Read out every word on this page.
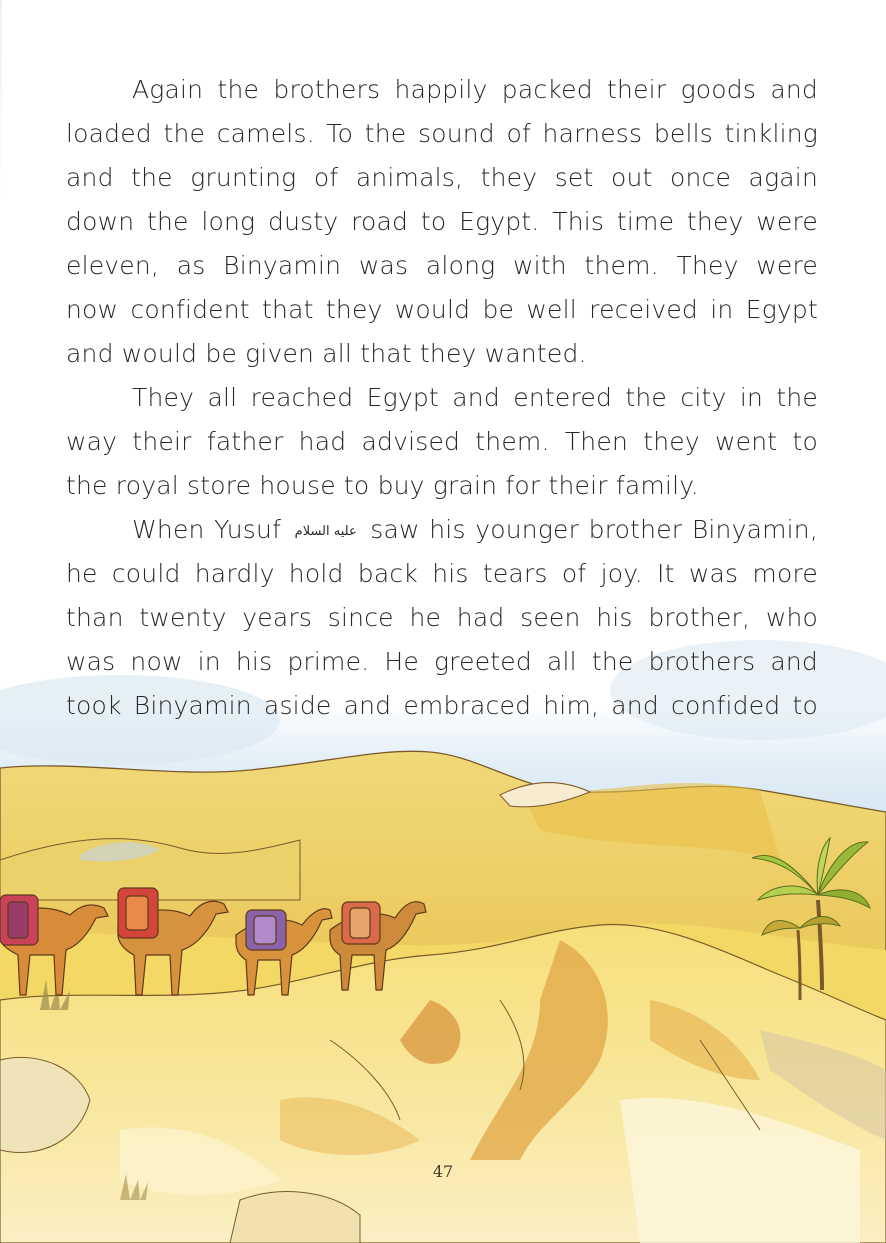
Again the brothers happily packed their goods and
loaded the camels. To the sound of harness bells tinkling
and the grunting of animals, they set out once again
down the long dusty road to Egypt. This time they were
eleven, as Binyamin was along with them. They were
now confident that they would be well received in Egypt
and would be given all that they wanted.
They all reached Egypt and entered the city in the
way their father had advised them. Then they went to
the royal store house to buy grain for their family.
When Yusuf عليه السلام saw his younger brother Binyamin,
he could hardly hold back his tears of joy. It was more
than twenty years since he had seen his brother, who
was now in his prime. He greeted all the brothers and
took Binyamin aside and embraced him, and confided to
47
